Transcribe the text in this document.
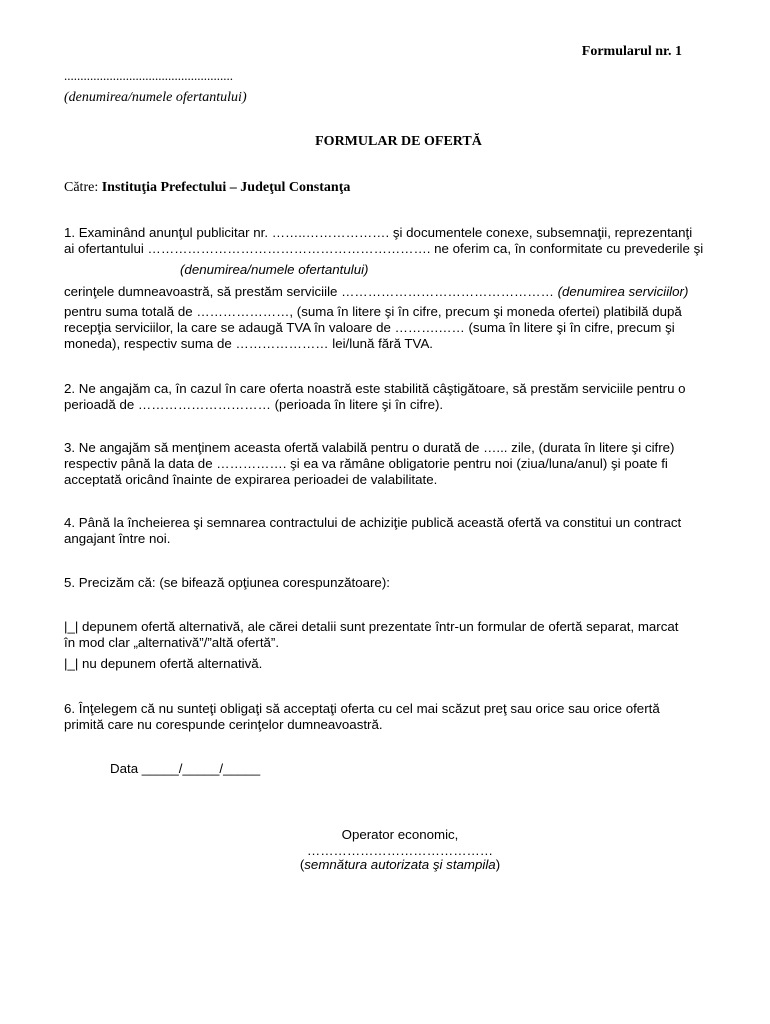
Formularul nr. 1
....................................................
(denumirea/numele ofertantului)
FORMULAR DE OFERTĂ
Către: Instituţia Prefectului – Judeţul Constanţa
1. Examinând anunţul publicitar nr. ……..………………. şi documentele conexe, subsemnaţii, reprezentanţi
ai ofertantului ………………………………………………………. ne oferim ca, în conformitate cu prevederile şi
(denumirea/numele ofertantului)
cerinţele dumneavoastră, să prestăm serviciile ………………………………………… (denumirea serviciilor)
pentru suma totală de …………………, (suma în litere şi în cifre, precum şi moneda ofertei) platibilă după
recepţia serviciilor, la care se adaugă TVA în valoare de ……….…… (suma în litere şi în cifre, precum şi
moneda), respectiv suma de ………………… lei/lună fără TVA.
2. Ne angajăm ca, în cazul în care oferta noastră este stabilită câştigătoare, să prestăm serviciile pentru o
perioadă de ………………………… (perioada în litere şi în cifre).
3. Ne angajăm să menţinem aceasta ofertă valabilă pentru o durată de …... zile, (durata în litere şi cifre)
respectiv până la data de ……………. şi ea va rămâne obligatorie pentru noi (ziua/luna/anul) şi poate fi
acceptată oricând înainte de expirarea perioadei de valabilitate.
4. Până la încheierea şi semnarea contractului de achiziţie publică această ofertă va constitui un contract
angajant între noi.
5. Precizăm că: (se bifează opţiunea corespunzătoare):
|_| depunem ofertă alternativă, ale cărei detalii sunt prezentate într-un formular de ofertă separat, marcat
în mod clar „alternativă”/”altă ofertă”.
|_| nu depunem ofertă alternativă.
6. Înţelegem că nu sunteţi obligaţi să acceptaţi oferta cu cel mai scăzut preţ sau orice sau orice ofertă
primită care nu corespunde cerinţelor dumneavoastră.
Data _____/_____/_____
Operator economic,
……………………………………
(semnătura autorizata şi stampila)
